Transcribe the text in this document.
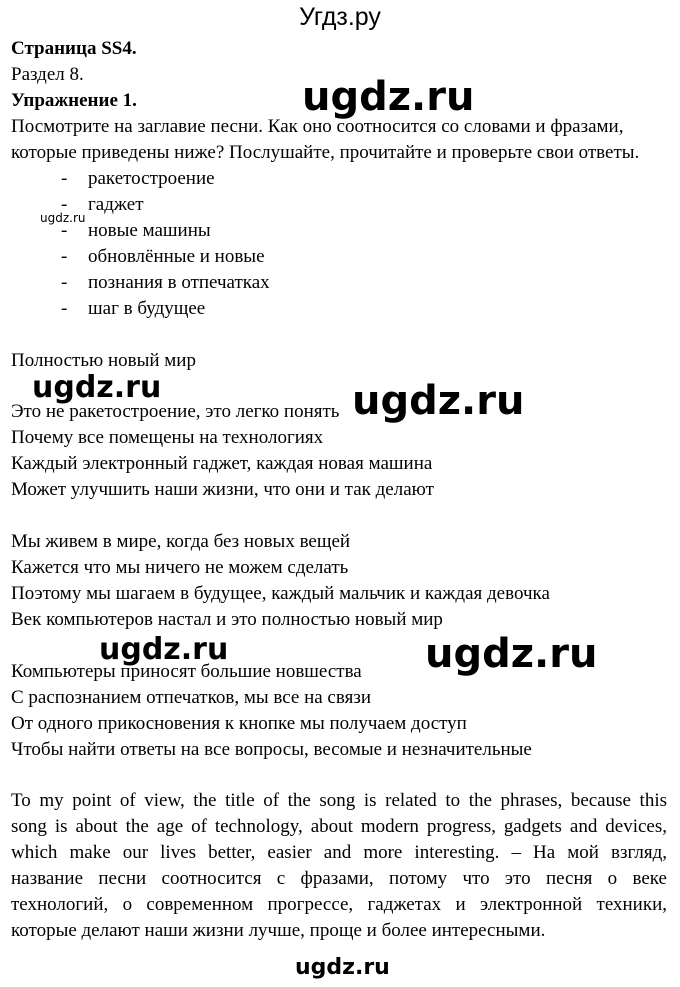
Угдз.ру
Страница SS4.
Раздел 8.
Упражнение 1.
Посмотрите на заглавие песни. Как оно соотносится со словами и фразами,
которые приведены ниже? Послушайте, прочитайте и проверьте свои ответы.
- ракетостроение
- гаджет
- новые машины
- обновлённые и новые
- познания в отпечатках
- шаг в будущее
Полностью новый мир
Это не ракетостроение, это легко понять
Почему все помещены на технологиях
Каждый электронный гаджет, каждая новая машина
Может улучшить наши жизни, что они и так делают
Мы живем в мире, когда без новых вещей
Кажется что мы ничего не можем сделать
Поэтому мы шагаем в будущее, каждый мальчик и каждая девочка
Век компьютеров настал и это полностью новый мир
Компьютеры приносят большие новшества
С распознанием отпечатков, мы все на связи
От одного прикосновения к кнопке мы получаем доступ
Чтобы найти ответы на все вопросы, весомые и незначительные
To my point of view, the title of the song is related to the phrases, because this
song is about the age of technology, about modern progress, gadgets and devices,
which make our lives better, easier and more interesting. – На мой взгляд,
название песни соотносится с фразами, потому что это песня о веке
технологий, о современном прогрессе, гаджетах и электронной техники,
которые делают наши жизни лучше, проще и более интересными.
ugdz.ru
ugdz.ru
ugdz.ru	ugdz.ru
ugdz.ru	ugdz.ru
ugdz.ru
